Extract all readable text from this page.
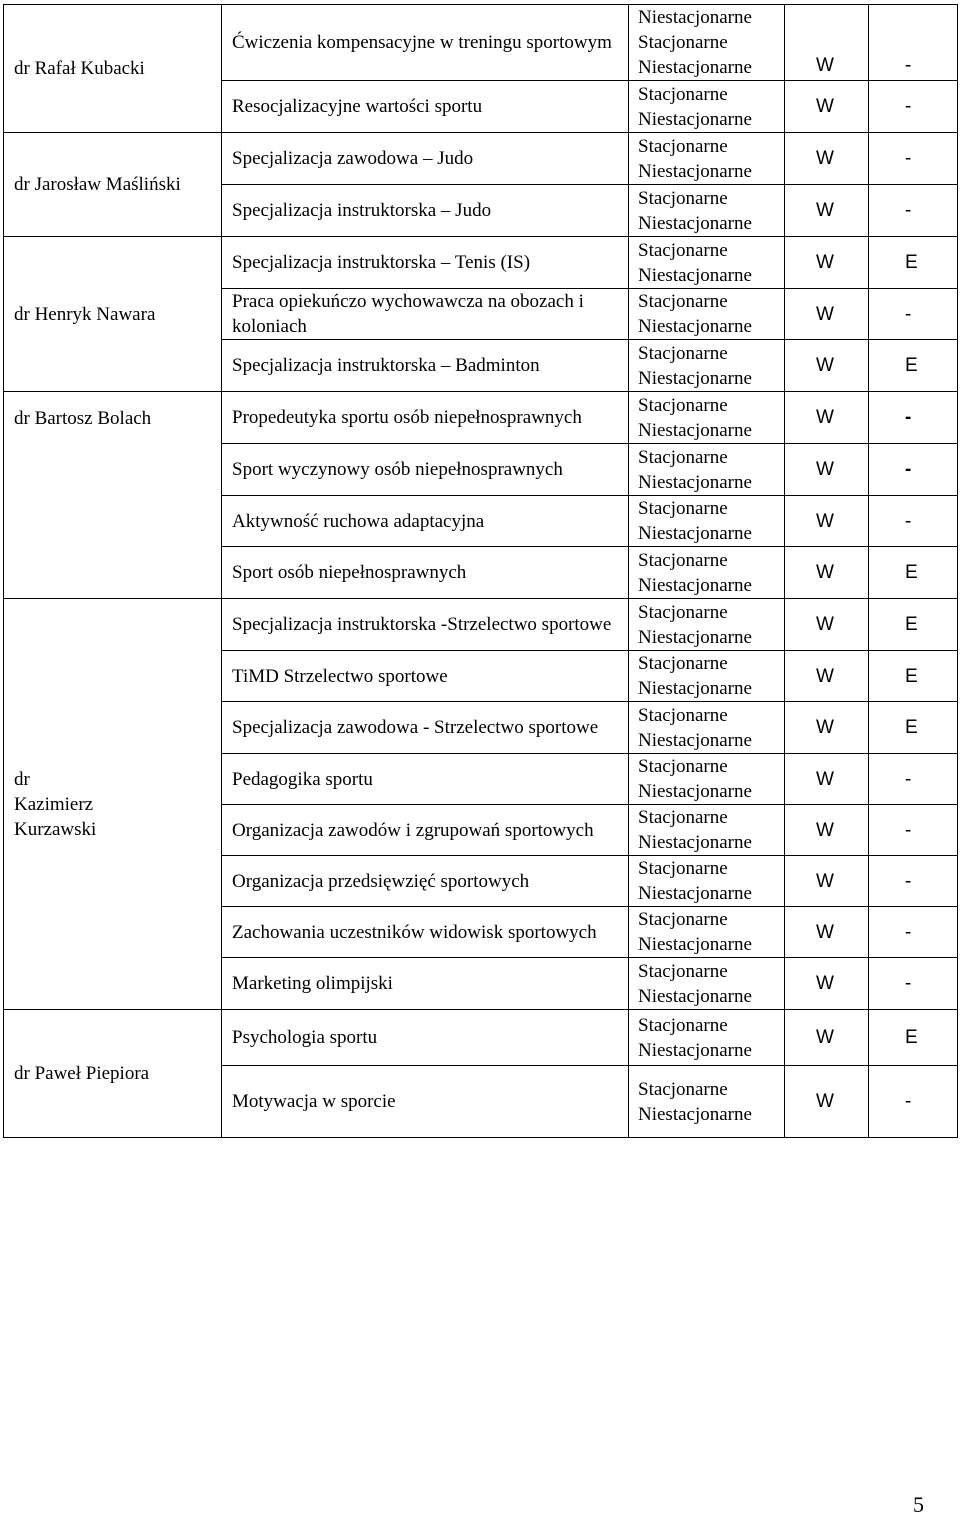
dr Rafał Kubacki	Ćwiczenia kompensacyjne w treningu sportowym	Niestacjonarne
Stacjonarne
Niestacjonarne	W	-

	Resocjalizacyjne wartości sportu	Stacjonarne
Niestacjonarne	W	-
dr Jarosław Maśliński	Specjalizacja zawodowa – Judo	Stacjonarne
Niestacjonarne	W	-
	Specjalizacja instruktorska – Judo	Stacjonarne
Niestacjonarne	W	-
dr Henryk Nawara	Specjalizacja instruktorska – Tenis (IS)	Stacjonarne
Niestacjonarne	W	E
	Praca opiekuńczo wychowawcza na obozach i koloniach	Stacjonarne
Niestacjonarne	W	-
	Specjalizacja instruktorska – Badminton	Stacjonarne
Niestacjonarne	W	E
dr Bartosz Bolach	Propedeutyka sportu osób niepełnosprawnych	Stacjonarne
Niestacjonarne	W	-
	Sport wyczynowy osób niepełnosprawnych	Stacjonarne
Niestacjonarne	W	-
	Aktywność ruchowa adaptacyjna	Stacjonarne
Niestacjonarne	W	-
	Sport osób niepełnosprawnych	Stacjonarne
Niestacjonarne	W	E

dr
Kazimierz
Kurzawski	Specjalizacja instruktorska -Strzelectwo sportowe	Stacjonarne
Niestacjonarne	W	E
	TiMD Strzelectwo sportowe	Stacjonarne
Niestacjonarne	W	E
	Specjalizacja zawodowa - Strzelectwo sportowe	Stacjonarne
Niestacjonarne	W	E
	Pedagogika sportu	Stacjonarne
Niestacjonarne	W	-
	Organizacja zawodów i zgrupowań sportowych	Stacjonarne
Niestacjonarne	W	-
	Organizacja przedsięwzięć sportowych	Stacjonarne
Niestacjonarne	W	-
	Zachowania uczestników widowisk sportowych	Stacjonarne
Niestacjonarne	W	-
	Marketing olimpijski	Stacjonarne
Niestacjonarne	W	-
dr Paweł Piepiora	Psychologia sportu	Stacjonarne
Niestacjonarne	W	E
	Motywacja w sporcie	Stacjonarne
Niestacjonarne	W	-
5
